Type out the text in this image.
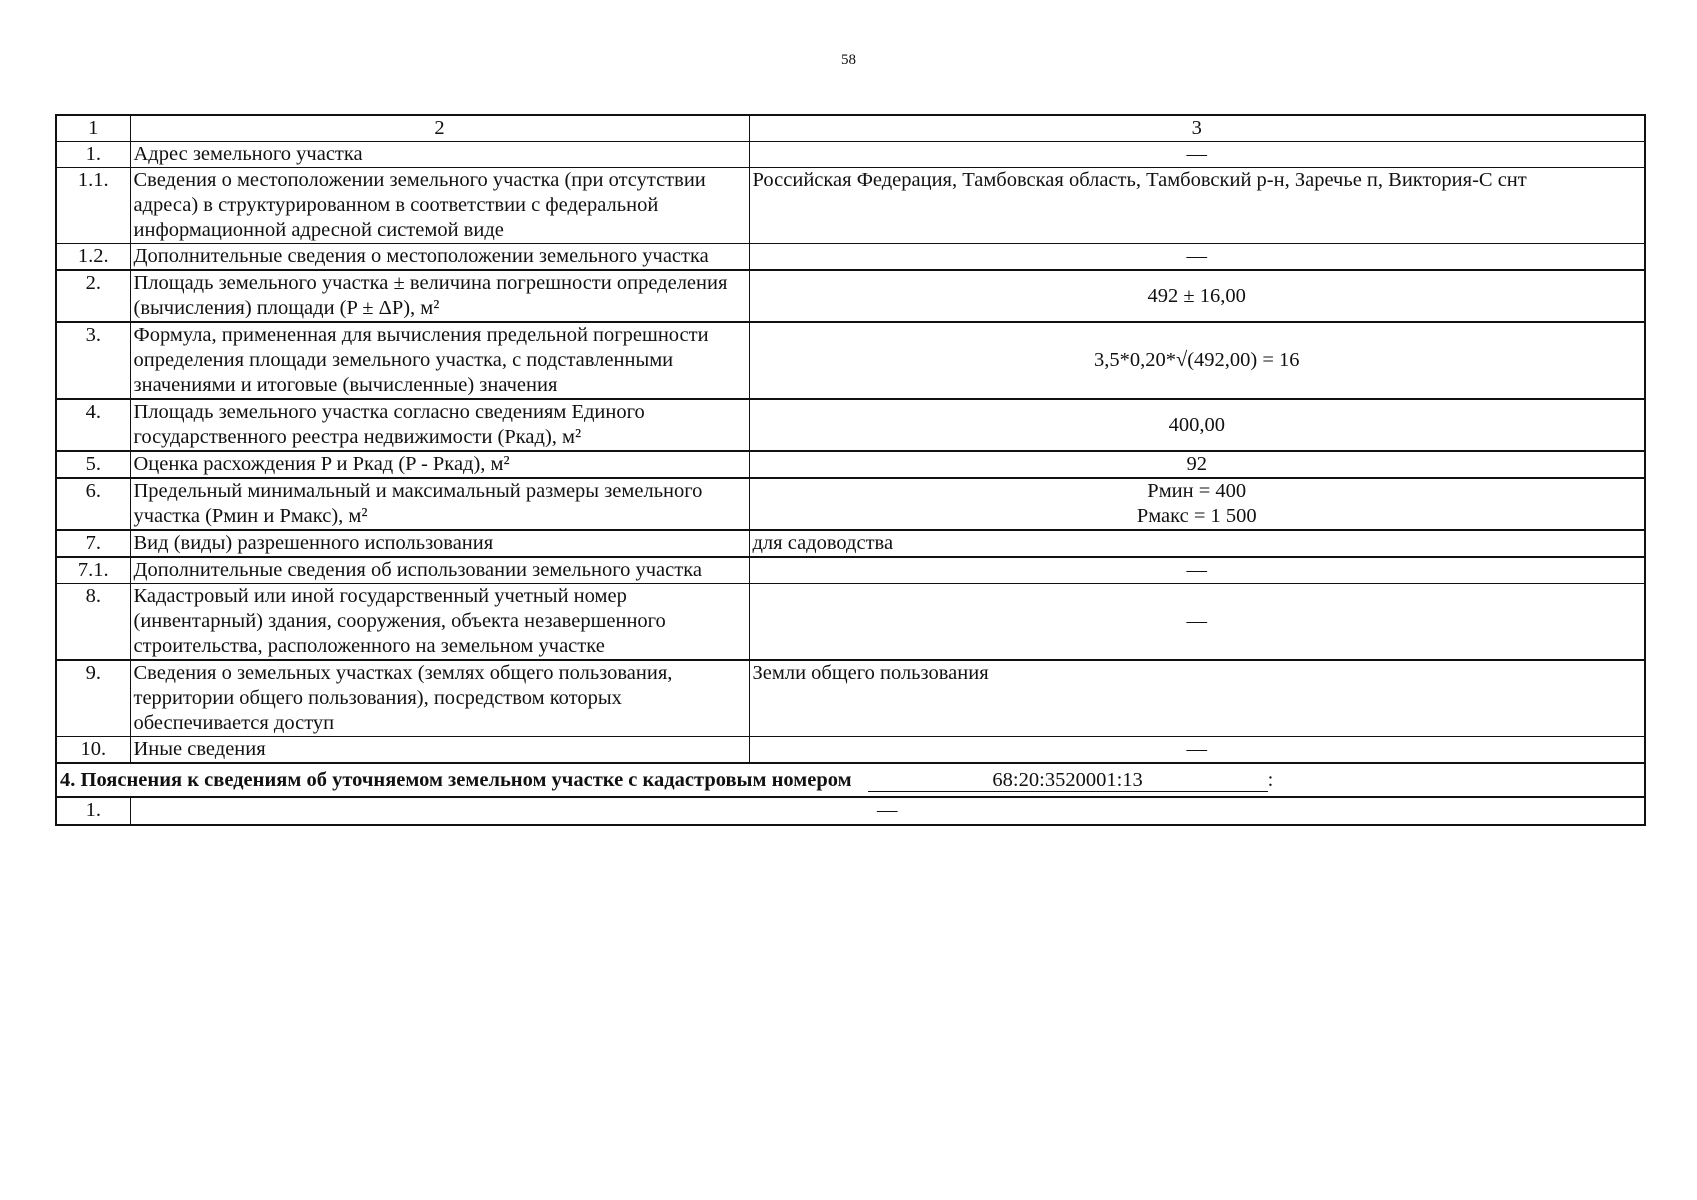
58
1	2	3
1.	Адрес земельного участка	—
1.1.	Сведения о местоположении земельного участка (при отсутствии адреса) в структурированном в соответствии с федеральной информационной адресной системой виде	Российская Федерация, Тамбовская область, Тамбовский р-н, Заречье п, Виктория-С снт
1.2.	Дополнительные сведения о местоположении земельного участка	—
2.	Площадь земельного участка ± величина погрешности определения (вычисления) площади (P ± ΔP), м²	492 ± 16,00
3.	Формула, примененная для вычисления предельной погрешности определения площади земельного участка, с подставленными значениями и итоговые (вычисленные) значения	3,5*0,20*√(492,00) = 16
4.	Площадь земельного участка согласно сведениям Единого государственного реестра недвижимости (Pкад), м²	400,00
5.	Оценка расхождения P и Pкад (P - Pкад), м²	92
6.	Предельный минимальный и максимальный размеры земельного участка (Pмин и Pмакс), м²	Pмин = 400
Pмакс = 1 500

7.	Вид (виды) разрешенного использования	для садоводства
7.1.	Дополнительные сведения об использовании земельного участка	—
8.	Кадастровый или иной государственный учетный номер (инвентарный) здания, сооружения, объекта незавершенного строительства, расположенного на земельном участке	—
9.	Сведения о земельных участках (землях общего пользования, территории общего пользования), посредством которых обеспечивается доступ	Земли общего пользования
10.	Иные сведения	—
4. Пояснения к сведениям об уточняемом земельном участке с кадастровым номером 68:20:3520001:13 :		
1.	—	
